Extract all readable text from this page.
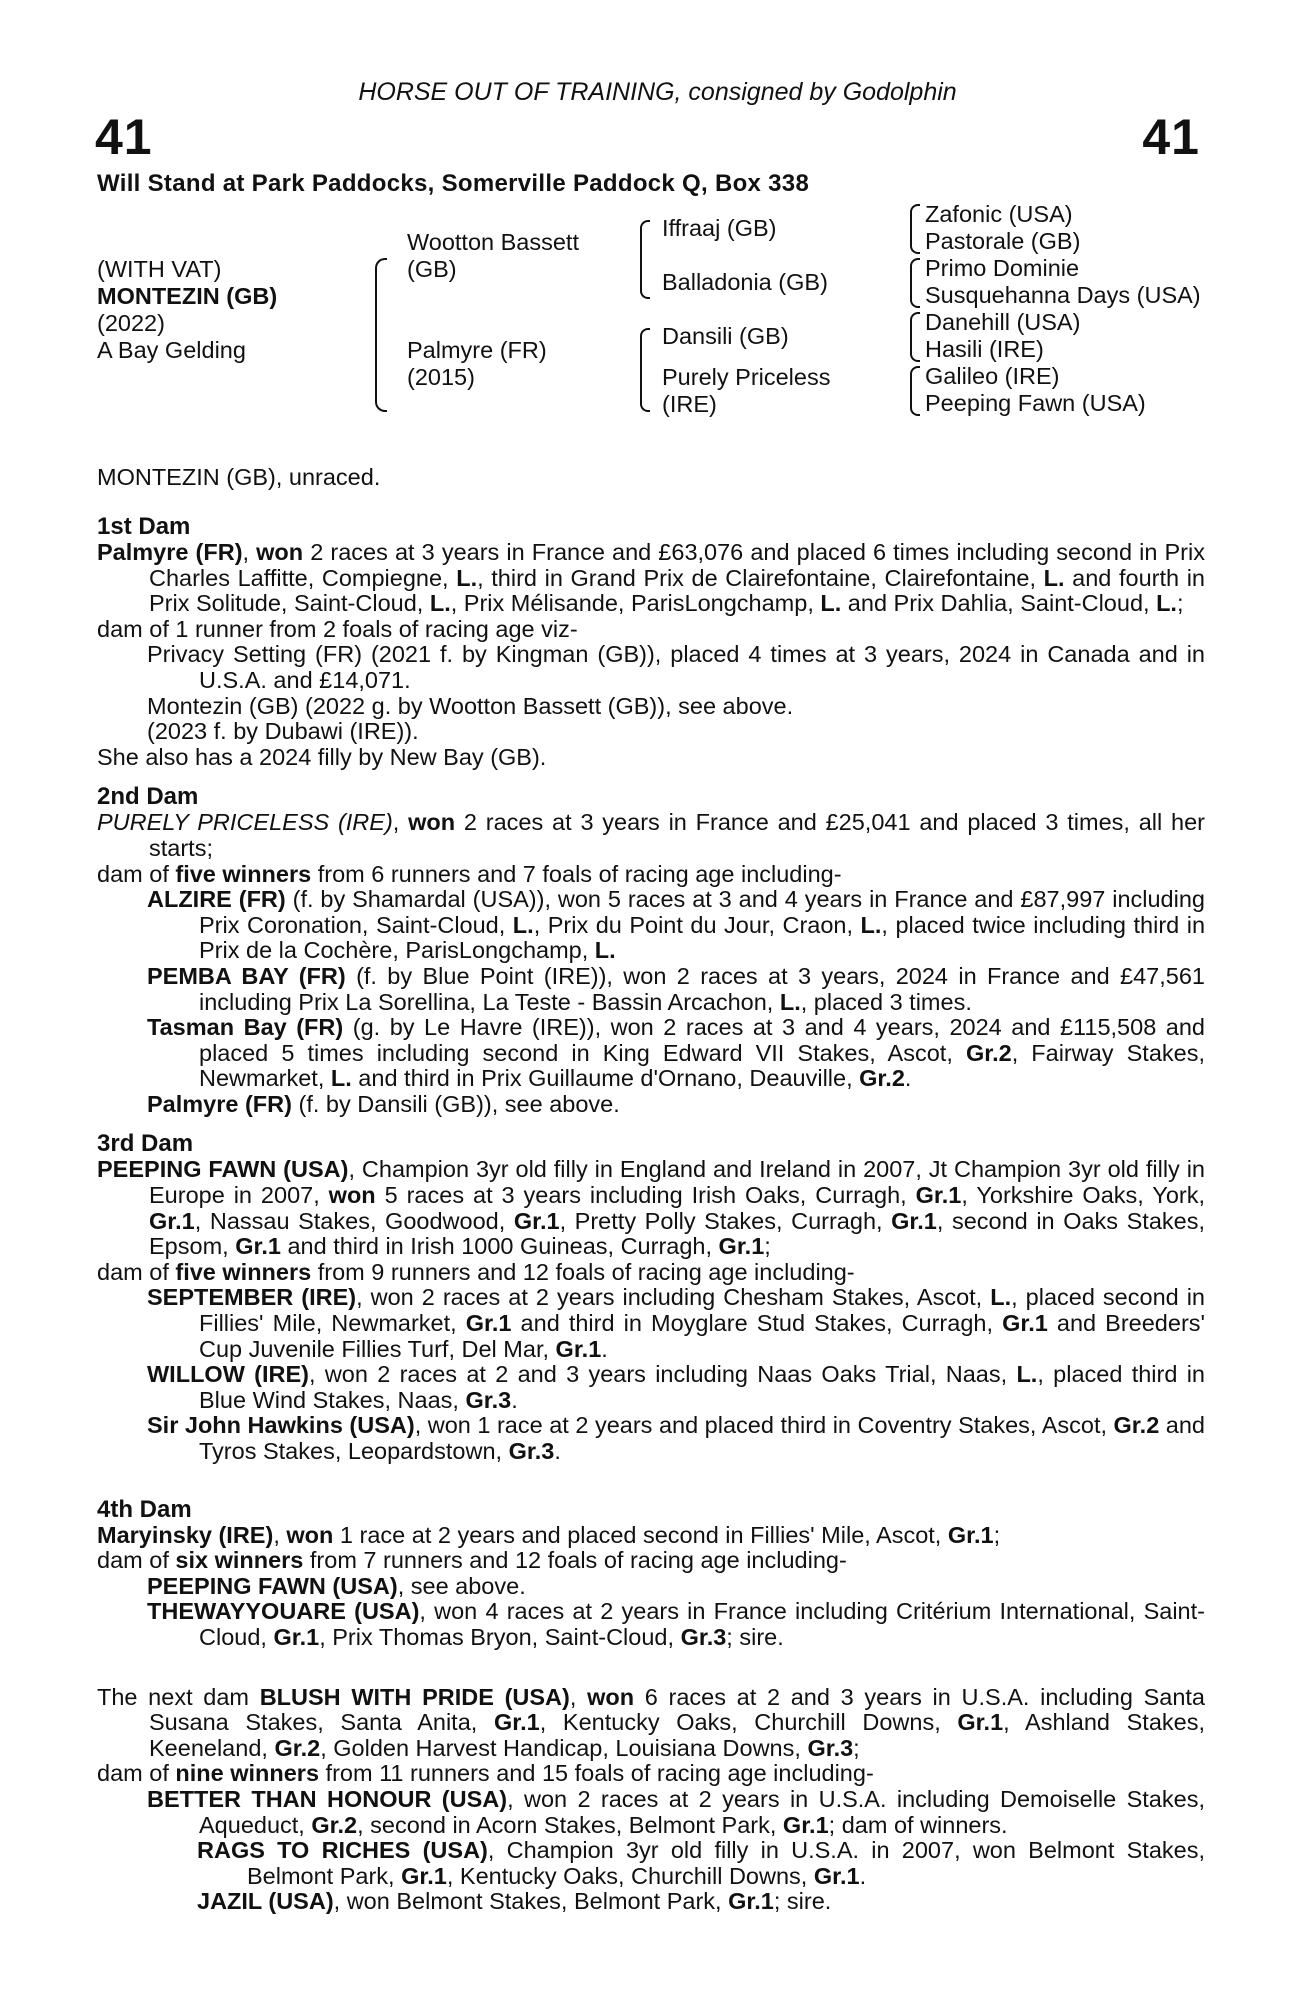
HORSE OUT OF TRAINING, consigned by Godolphin
41	41
Will Stand at Park Paddocks, Somerville Paddock Q, Box 338
(WITH VAT)
MONTEZIN (GB)
(2022)
A Bay Gelding
Wootton Bassett
(GB)
Palmyre (FR)
(2015)
Iffraaj (GB)
Balladonia (GB)
Dansili (GB)
Purely Priceless
(IRE)
Zafonic (USA)
Pastorale (GB)
Primo Dominie
Susquehanna Days (USA)
Danehill (USA)
Hasili (IRE)
Galileo (IRE)
Peeping Fawn (USA)
MONTEZIN (GB), unraced.
1st Dam

Palmyre (FR), won 2 races at 3 years in France and £63,076 and placed 6 times including second in Prix Charles Laffitte, Compiegne, L., third in Grand Prix de Clairefontaine, Clairefontaine, L. and fourth in Prix Solitude, Saint-Cloud, L., Prix Mélisande, ParisLongchamp, L. and Prix Dahlia, Saint-Cloud, L.;

dam of 1 runner from 2 foals of racing age viz-

Privacy Setting (FR) (2021 f. by Kingman (GB)), placed 4 times at 3 years, 2024 in Canada and in U.S.A. and £14,071.

Montezin (GB) (2022 g. by Wootton Bassett (GB)), see above.

(2023 f. by Dubawi (IRE)).

She also has a 2024 filly by New Bay (GB).

2nd Dam

PURELY PRICELESS (IRE), won 2 races at 3 years in France and £25,041 and placed 3 times, all her starts;

dam of five winners from 6 runners and 7 foals of racing age including-

ALZIRE (FR) (f. by Shamardal (USA)), won 5 races at 3 and 4 years in France and £87,997 including Prix Coronation, Saint-Cloud, L., Prix du Point du Jour, Craon, L., placed twice including third in Prix de la Cochère, ParisLongchamp, L.

PEMBA BAY (FR) (f. by Blue Point (IRE)), won 2 races at 3 years, 2024 in France and £47,561 including Prix La Sorellina, La Teste - Bassin Arcachon, L., placed 3 times.

Tasman Bay (FR) (g. by Le Havre (IRE)), won 2 races at 3 and 4 years, 2024 and £115,508 and placed 5 times including second in King Edward VII Stakes, Ascot, Gr.2, Fairway Stakes, Newmarket, L. and third in Prix Guillaume d'Ornano, Deauville, Gr.2.

Palmyre (FR) (f. by Dansili (GB)), see above.

3rd Dam

PEEPING FAWN (USA), Champion 3yr old filly in England and Ireland in 2007, Jt Champion 3yr old filly in Europe in 2007, won 5 races at 3 years including Irish Oaks, Curragh, Gr.1, Yorkshire Oaks, York, Gr.1, Nassau Stakes, Goodwood, Gr.1, Pretty Polly Stakes, Curragh, Gr.1, second in Oaks Stakes, Epsom, Gr.1 and third in Irish 1000 Guineas, Curragh, Gr.1;

dam of five winners from 9 runners and 12 foals of racing age including-

SEPTEMBER (IRE), won 2 races at 2 years including Chesham Stakes, Ascot, L., placed second in Fillies' Mile, Newmarket, Gr.1 and third in Moyglare Stud Stakes, Curragh, Gr.1 and Breeders' Cup Juvenile Fillies Turf, Del Mar, Gr.1.

WILLOW (IRE), won 2 races at 2 and 3 years including Naas Oaks Trial, Naas, L., placed third in Blue Wind Stakes, Naas, Gr.3.

Sir John Hawkins (USA), won 1 race at 2 years and placed third in Coventry Stakes, Ascot, Gr.2 and Tyros Stakes, Leopardstown, Gr.3.

4th Dam

Maryinsky (IRE), won 1 race at 2 years and placed second in Fillies' Mile, Ascot, Gr.1;

dam of six winners from 7 runners and 12 foals of racing age including-

PEEPING FAWN (USA), see above.

THEWAYYOUARE (USA), won 4 races at 2 years in France including Critérium International, Saint-Cloud, Gr.1, Prix Thomas Bryon, Saint-Cloud, Gr.3; sire.

The next dam BLUSH WITH PRIDE (USA), won 6 races at 2 and 3 years in U.S.A. including Santa Susana Stakes, Santa Anita, Gr.1, Kentucky Oaks, Churchill Downs, Gr.1, Ashland Stakes, Keeneland, Gr.2, Golden Harvest Handicap, Louisiana Downs, Gr.3;

dam of nine winners from 11 runners and 15 foals of racing age including-

BETTER THAN HONOUR (USA), won 2 races at 2 years in U.S.A. including Demoiselle Stakes, Aqueduct, Gr.2, second in Acorn Stakes, Belmont Park, Gr.1; dam of winners.

RAGS TO RICHES (USA), Champion 3yr old filly in U.S.A. in 2007, won Belmont Stakes, Belmont Park, Gr.1, Kentucky Oaks, Churchill Downs, Gr.1.

JAZIL (USA), won Belmont Stakes, Belmont Park, Gr.1; sire.
